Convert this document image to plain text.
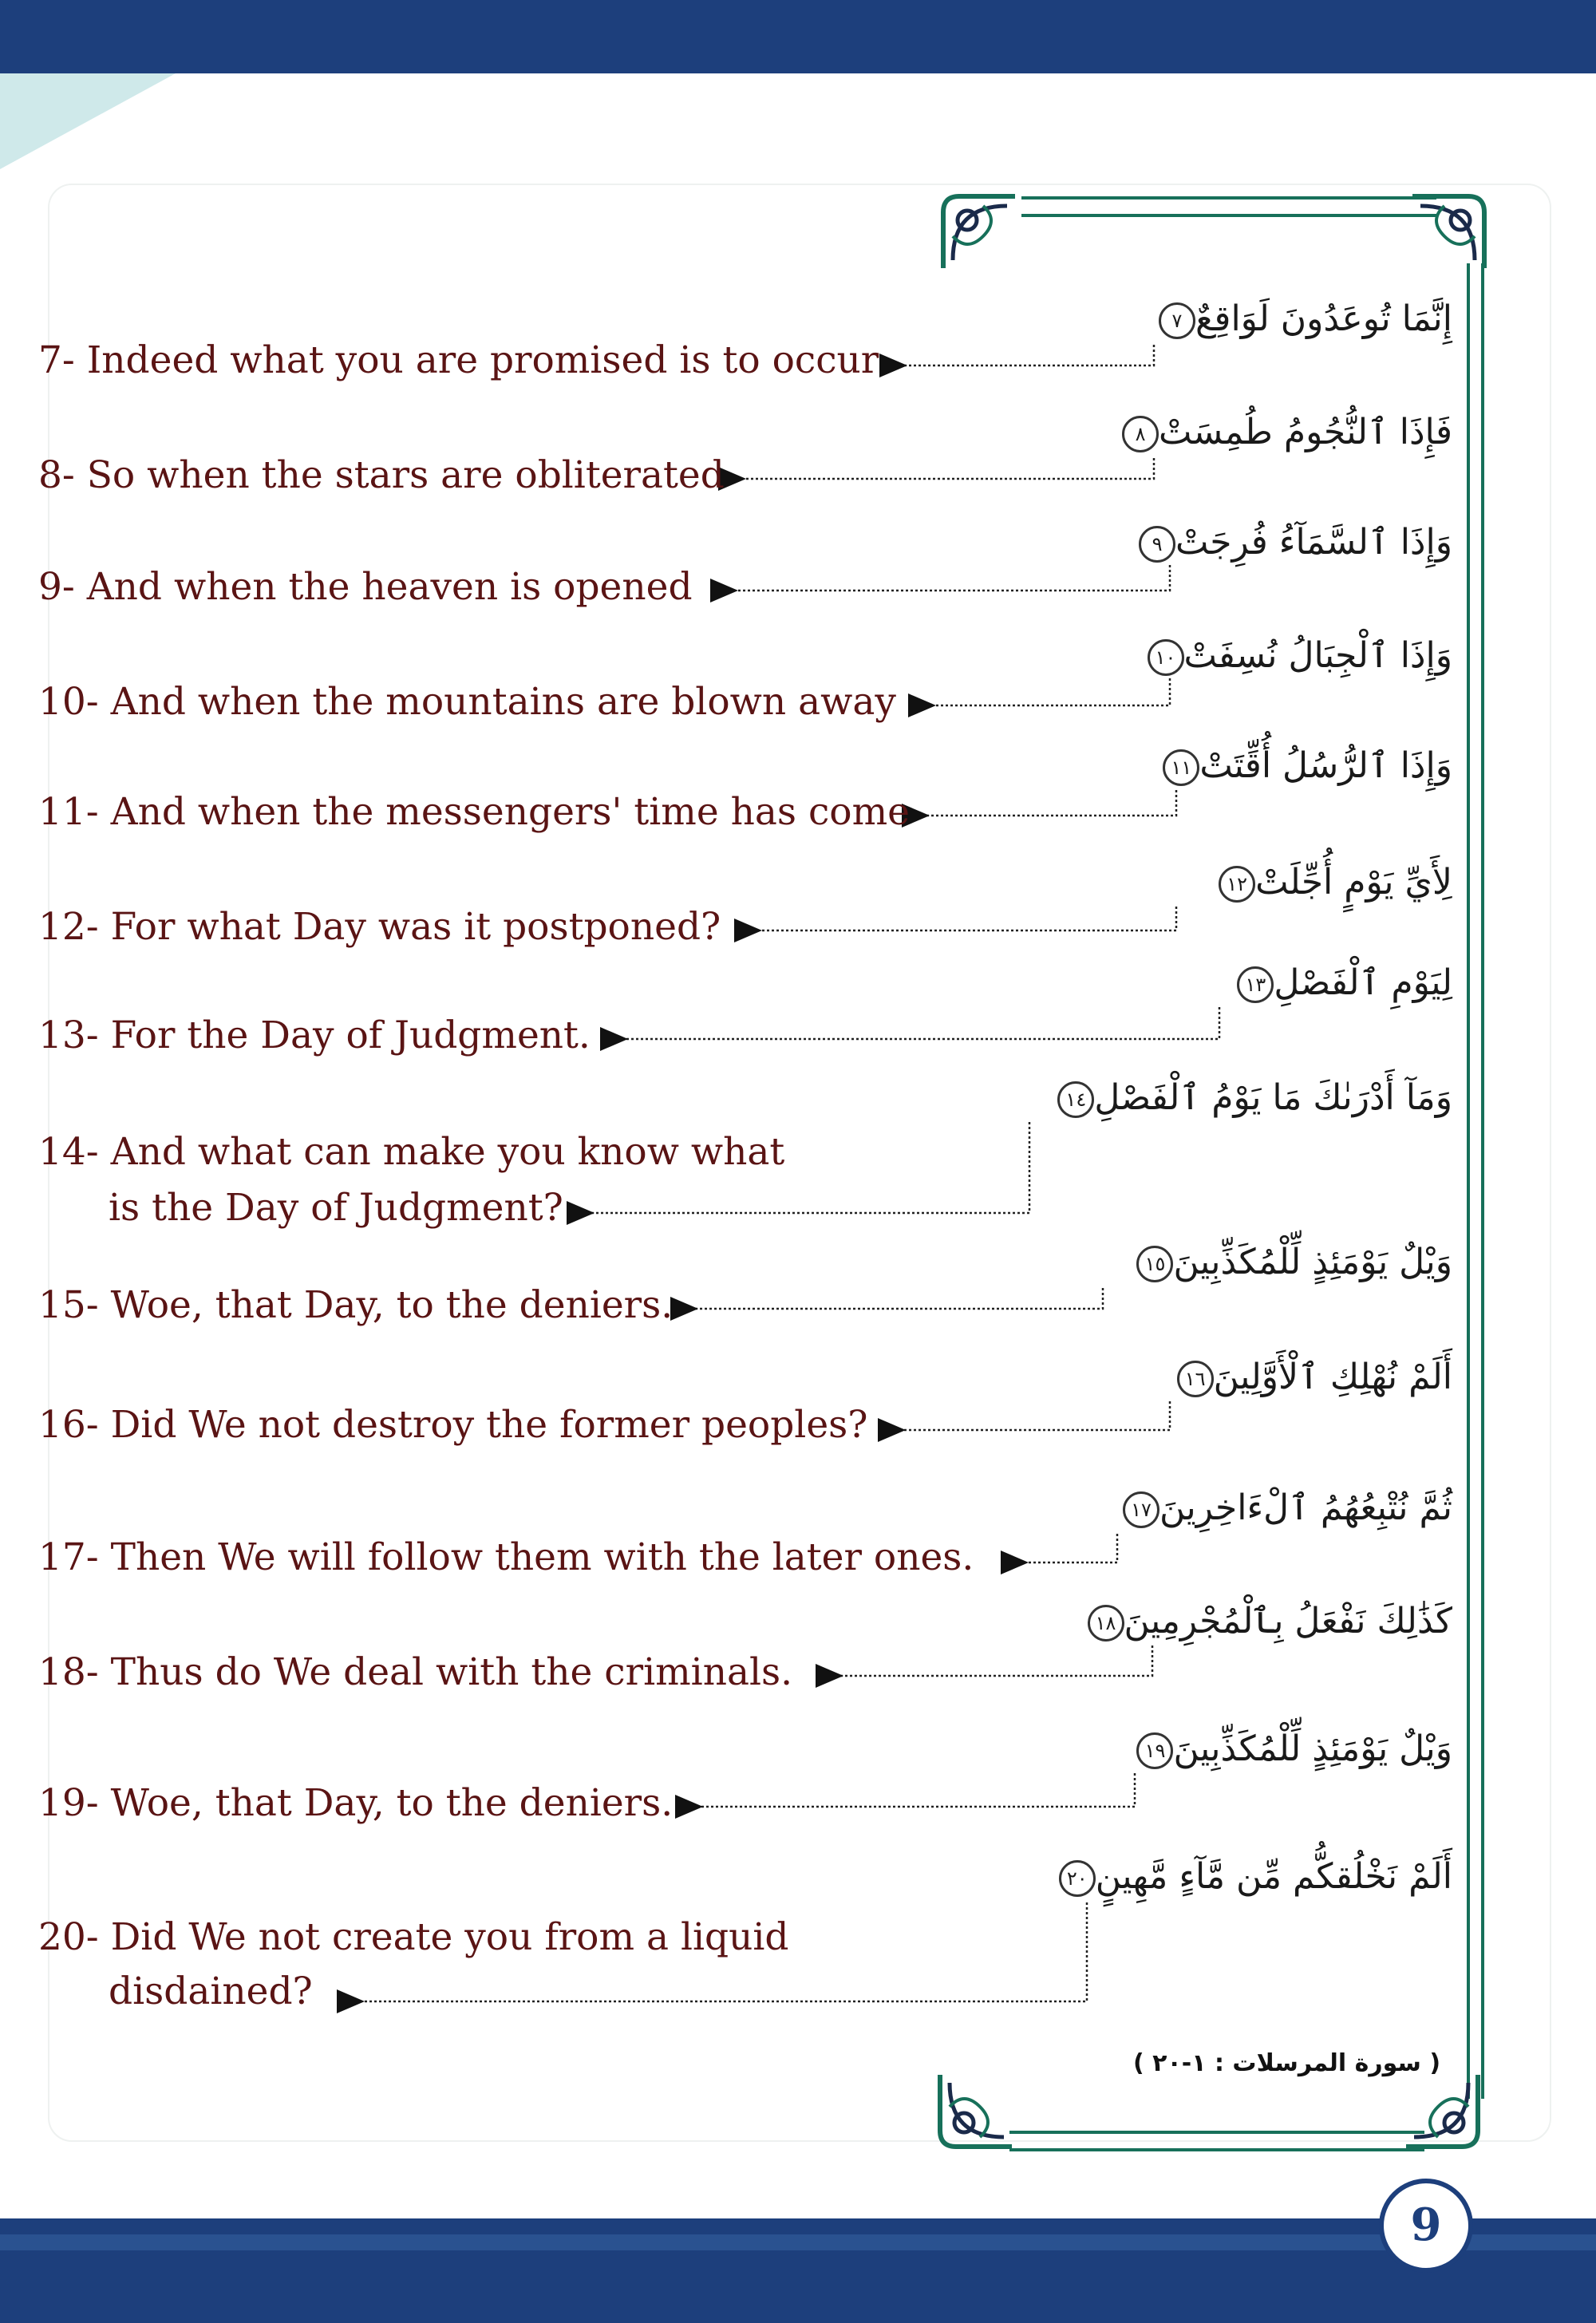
إِنَّمَا تُوعَدُونَ لَوَاقِعٌ٧
7- Indeed what you are promised is to occur
فَإِذَا ٱلنُّجُومُ طُمِسَتْ٨
8- So when the stars are obliterated
وَإِذَا ٱلسَّمَآءُ فُرِجَتْ٩
9- And when the heaven is opened
وَإِذَا ٱلْجِبَالُ نُسِفَتْ١٠
10- And when the mountains are blown away
وَإِذَا ٱلرُّسُلُ أُقِّتَتْ١١
11- And when the messengers' time has come
لِأَيِّ يَوْمٍ أُجِّلَتْ١٢
12- For what Day was it postponed?
لِيَوْمِ ٱلْفَصْلِ١٣
13- For the Day of Judgment.
وَمَآ أَدْرَىٰكَ مَا يَوْمُ ٱلْفَصْلِ١٤
14- And what can make you know what
is the Day of Judgment?
وَيْلٌ يَوْمَئِذٍ لِّلْمُكَذِّبِينَ١٥
15- Woe, that Day, to the deniers.
أَلَمْ نُهْلِكِ ٱلْأَوَّلِينَ١٦
16- Did We not destroy the former peoples?
ثُمَّ نُتْبِعُهُمُ ٱلْءَاخِرِينَ١٧
17- Then We will follow them with the later ones.
كَذَٰلِكَ نَفْعَلُ بِٱلْمُجْرِمِينَ١٨
18- Thus do We deal with the criminals.
وَيْلٌ يَوْمَئِذٍ لِّلْمُكَذِّبِينَ١٩
19- Woe, that Day, to the deniers.
أَلَمْ نَخْلُقكُّم مِّن مَّآءٍ مَّهِينٍ٢٠
20- Did We not create you from a liquid
disdained?
( سورة المرسلات : ١-٢٠ )
9
